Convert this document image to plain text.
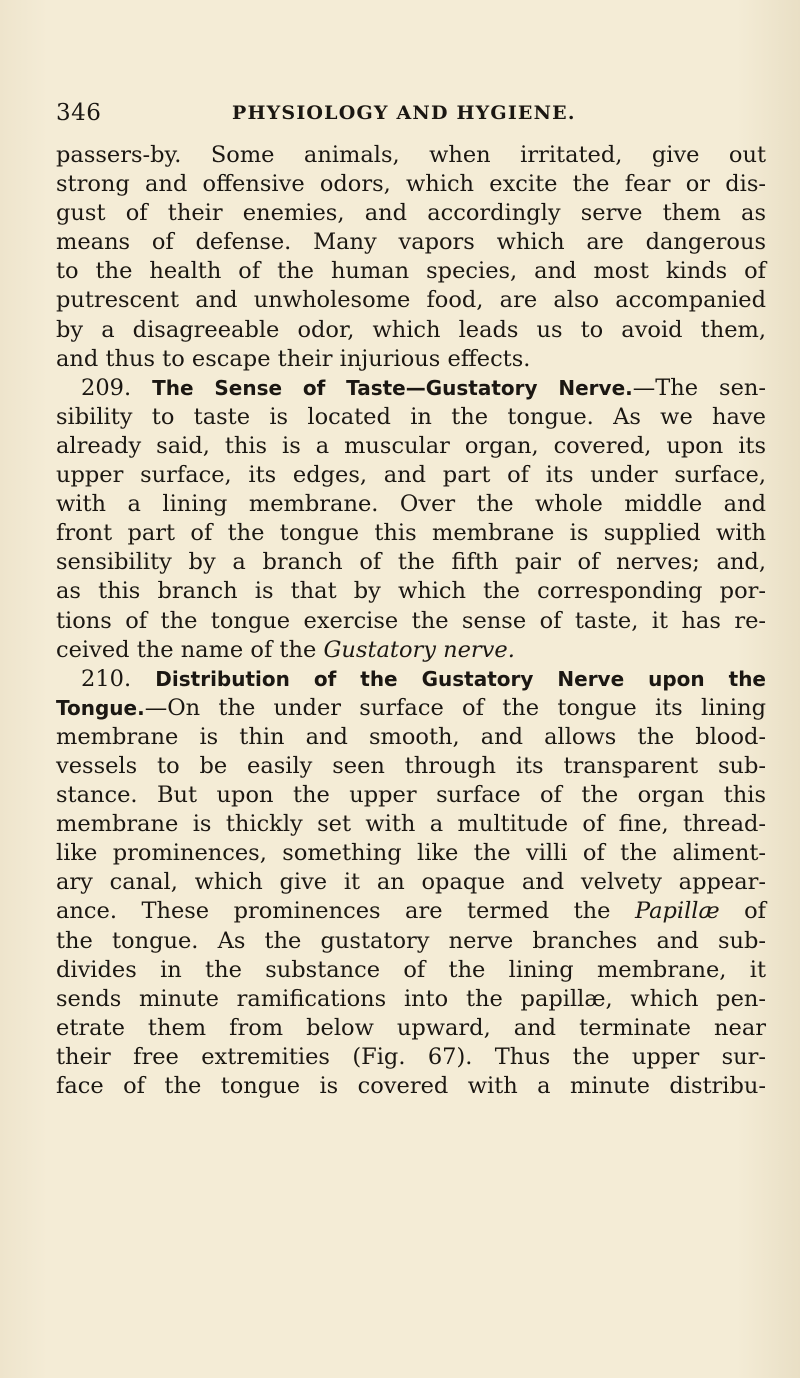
346	PHYSIOLOGY AND HYGIENE.
passers-by. Some animals, when irritated, give out
strong and offensive odors, which excite the fear or dis-
gust of their enemies, and accordingly serve them as
means of defense. Many vapors which are dangerous
to the health of the human species, and most kinds of
putrescent and unwholesome food, are also accompanied
by a disagreeable odor, which leads us to avoid them,
and thus to escape their injurious effects.
209. The Sense of Taste—Gustatory Nerve.—The sen-
sibility to taste is located in the tongue. As we have
already said, this is a muscular organ, covered, upon its
upper surface, its edges, and part of its under surface,
with a lining membrane. Over the whole middle and
front part of the tongue this membrane is supplied with
sensibility by a branch of the fifth pair of nerves; and,
as this branch is that by which the corresponding por-
tions of the tongue exercise the sense of taste, it has re-
ceived the name of the Gustatory nerve.
210. Distribution of the Gustatory Nerve upon the
Tongue.—On the under surface of the tongue its lining
membrane is thin and smooth, and allows the blood-
vessels to be easily seen through its transparent sub-
stance. But upon the upper surface of the organ this
membrane is thickly set with a multitude of fine, thread-
like prominences, something like the villi of the aliment-
ary canal, which give it an opaque and velvety appear-
ance. These prominences are termed the Papillæ of
the tongue. As the gustatory nerve branches and sub-
divides in the substance of the lining membrane, it
sends minute ramifications into the papillæ, which pen-
etrate them from below upward, and terminate near
their free extremities (Fig. 67). Thus the upper sur-
face of the tongue is covered with a minute distribu-
